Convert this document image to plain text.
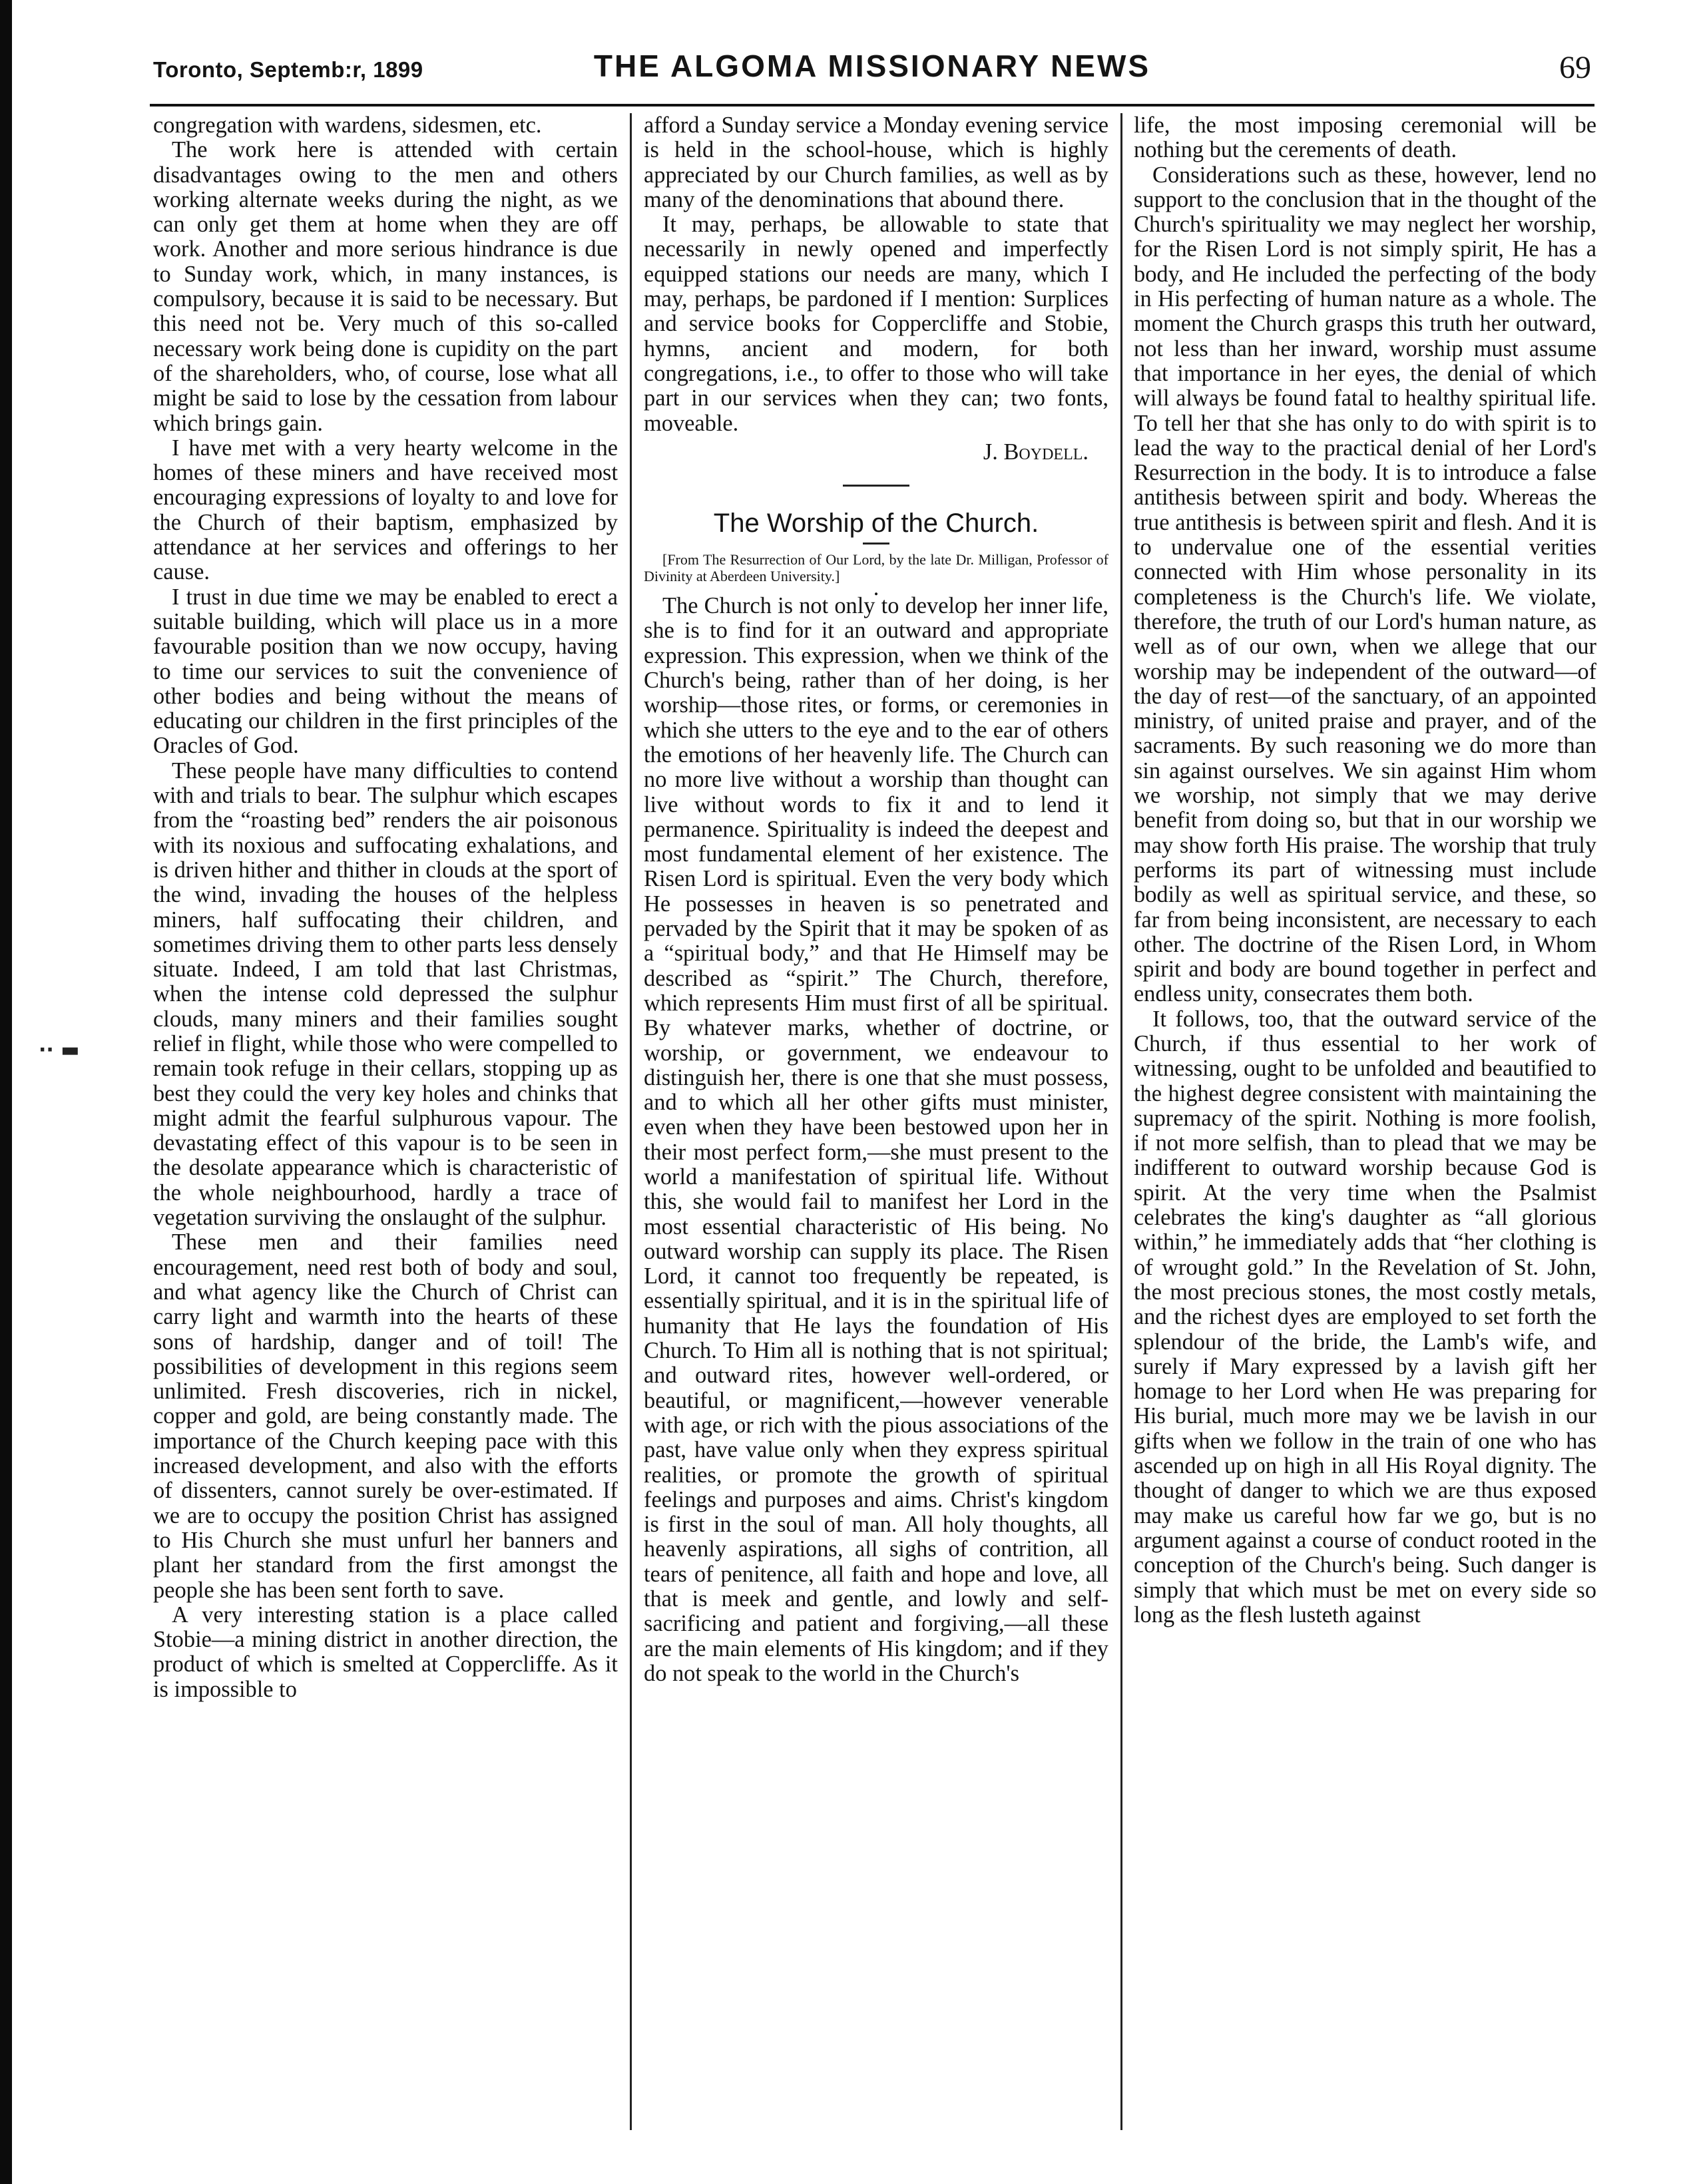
·· ▬
Toronto, Septemb:r, 1899	THE ALGOMA MISSIONARY NEWS	69

congregation with wardens, sidesmen, etc.

The work here is attended with certain disadvantages owing to the men and others working alternate weeks during the night, as we can only get them at home when they are off work. Another and more serious hindrance is due to Sunday work, which, in many instances, is compulsory, because it is said to be necessary. But this need not be. Very much of this so-called necessary work being done is cupidity on the part of the shareholders, who, of course, lose what all might be said to lose by the cessation from labour which brings gain.

I have met with a very hearty welcome in the homes of these miners and have received most encouraging expressions of loyalty to and love for the Church of their baptism, emphasized by attendance at her services and offerings to her cause.

I trust in due time we may be enabled to erect a suitable building, which will place us in a more favourable position than we now occupy, having to time our services to suit the convenience of other bodies and being without the means of educating our children in the first principles of the Oracles of God.

These people have many difficulties to contend with and trials to bear. The sulphur which escapes from the “roasting bed” renders the air poisonous with its noxious and suffocating exhalations, and is driven hither and thither in clouds at the sport of the wind, invading the houses of the helpless miners, half suffocating their children, and sometimes driving them to other parts less densely situate. Indeed, I am told that last Christmas, when the intense cold depressed the sulphur clouds, many miners and their families sought relief in flight, while those who were compelled to remain took refuge in their cellars, stopping up as best they could the very key holes and chinks that might admit the fearful sulphurous vapour. The devastating effect of this vapour is to be seen in the desolate appearance which is characteristic of the whole neighbourhood, hardly a trace of vegetation surviving the onslaught of the sulphur.

These men and their families need encouragement, need rest both of body and soul, and what agency like the Church of Christ can carry light and warmth into the hearts of these sons of hardship, danger and of toil! The possibilities of development in this regions seem unlimited. Fresh discoveries, rich in nickel, copper and gold, are being constantly made. The importance of the Church keeping pace with this increased development, and also with the efforts of dissenters, cannot surely be over-estimated. If we are to occupy the position Christ has assigned to His Church she must unfurl her banners and plant her standard from the first amongst the people she has been sent forth to save.

A very interesting station is a place called Stobie—a mining district in another direction, the product of which is smelted at Coppercliffe. As it is impossible to

afford a Sunday service a Monday evening service is held in the school-house, which is highly appreciated by our Church families, as well as by many of the denominations that abound there.

It may, perhaps, be allowable to state that necessarily in newly opened and imperfectly equipped stations our needs are many, which I may, perhaps, be pardoned if I mention: Surplices and service books for Coppercliffe and Stobie, hymns, ancient and modern, for both congregations, i.e., to offer to those who will take part in our services when they can; two fonts, moveable.

J. Boydell.
The Worship of the Church.

[From The Resurrection of Our Lord, by the late Dr. Milligan, Professor of Divinity at Aberdeen University.]	.

The Church is not only to develop her inner life, she is to find for it an outward and appropriate expression. This expression, when we think of the Church's being, rather than of her doing, is her worship—those rites, or forms, or ceremonies in which she utters to the eye and to the ear of others the emotions of her heavenly life. The Church can no more live without a worship than thought can live without words to fix it and to lend it permanence. Spirituality is indeed the deepest and most fundamental element of her existence. The Risen Lord is spiritual. Even the very body which He possesses in heaven is so penetrated and pervaded by the Spirit that it may be spoken of as a “spiritual body,” and that He Himself may be described as “spirit.” The Church, therefore, which represents Him must first of all be spiritual. By whatever marks, whether of doctrine, or worship, or government, we endeavour to distinguish her, there is one that she must possess, and to which all her other gifts must minister, even when they have been bestowed upon her in their most perfect form,—she must present to the world a manifestation of spiritual life. Without this, she would fail to manifest her Lord in the most essential characteristic of His being. No outward worship can supply its place. The Risen Lord, it cannot too frequently be repeated, is essentially spiritual, and it is in the spiritual life of humanity that He lays the foundation of His Church. To Him all is nothing that is not spiritual; and outward rites, however well-ordered, or beautiful, or magnificent,—however venerable with age, or rich with the pious associations of the past, have value only when they express spiritual realities, or promote the growth of spiritual feelings and purposes and aims. Christ's kingdom is first in the soul of man. All holy thoughts, all heavenly aspirations, all sighs of contrition, all tears of penitence, all faith and hope and love, all that is meek and gentle, and lowly and self-sacrificing and patient and forgiving,—all these are the main elements of His kingdom; and if they do not speak to the world in the Church's

life, the most imposing ceremonial will be nothing but the cerements of death.

Considerations such as these, however, lend no support to the conclusion that in the thought of the Church's spirituality we may neglect her worship, for the Risen Lord is not simply spirit, He has a body, and He included the perfecting of the body in His perfecting of human nature as a whole. The moment the Church grasps this truth her outward, not less than her inward, worship must assume that importance in her eyes, the denial of which will always be found fatal to healthy spiritual life. To tell her that she has only to do with spirit is to lead the way to the practical denial of her Lord's Resurrection in the body. It is to introduce a false antithesis between spirit and body. Whereas the true antithesis is between spirit and flesh. And it is to undervalue one of the essential verities connected with Him whose personality in its completeness is the Church's life. We violate, therefore, the truth of our Lord's human nature, as well as of our own, when we allege that our worship may be independent of the outward—of the day of rest—of the sanctuary, of an appointed ministry, of united praise and prayer, and of the sacraments. By such reasoning we do more than sin against ourselves. We sin against Him whom we worship, not simply that we may derive benefit from doing so, but that in our worship we may show forth His praise. The worship that truly performs its part of witnessing must include bodily as well as spiritual service, and these, so far from being inconsistent, are necessary to each other. The doctrine of the Risen Lord, in Whom spirit and body are bound together in perfect and endless unity, consecrates them both.

It follows, too, that the outward service of the Church, if thus essential to her work of witnessing, ought to be unfolded and beautified to the highest degree consistent with maintaining the supremacy of the spirit. Nothing is more foolish, if not more selfish, than to plead that we may be indifferent to outward worship because God is spirit. At the very time when the Psalmist celebrates the king's daughter as “all glorious within,” he immediately adds that “her clothing is of wrought gold.” In the Revelation of St. John, the most precious stones, the most costly metals, and the richest dyes are employed to set forth the splendour of the bride, the Lamb's wife, and surely if Mary expressed by a lavish gift her homage to her Lord when He was preparing for His burial, much more may we be lavish in our gifts when we follow in the train of one who has ascended up on high in all His Royal dignity. The thought of danger to which we are thus exposed may make us careful how far we go, but is no argument against a course of conduct rooted in the conception of the Church's being. Such danger is simply that which must be met on every side so long as the flesh lusteth against
